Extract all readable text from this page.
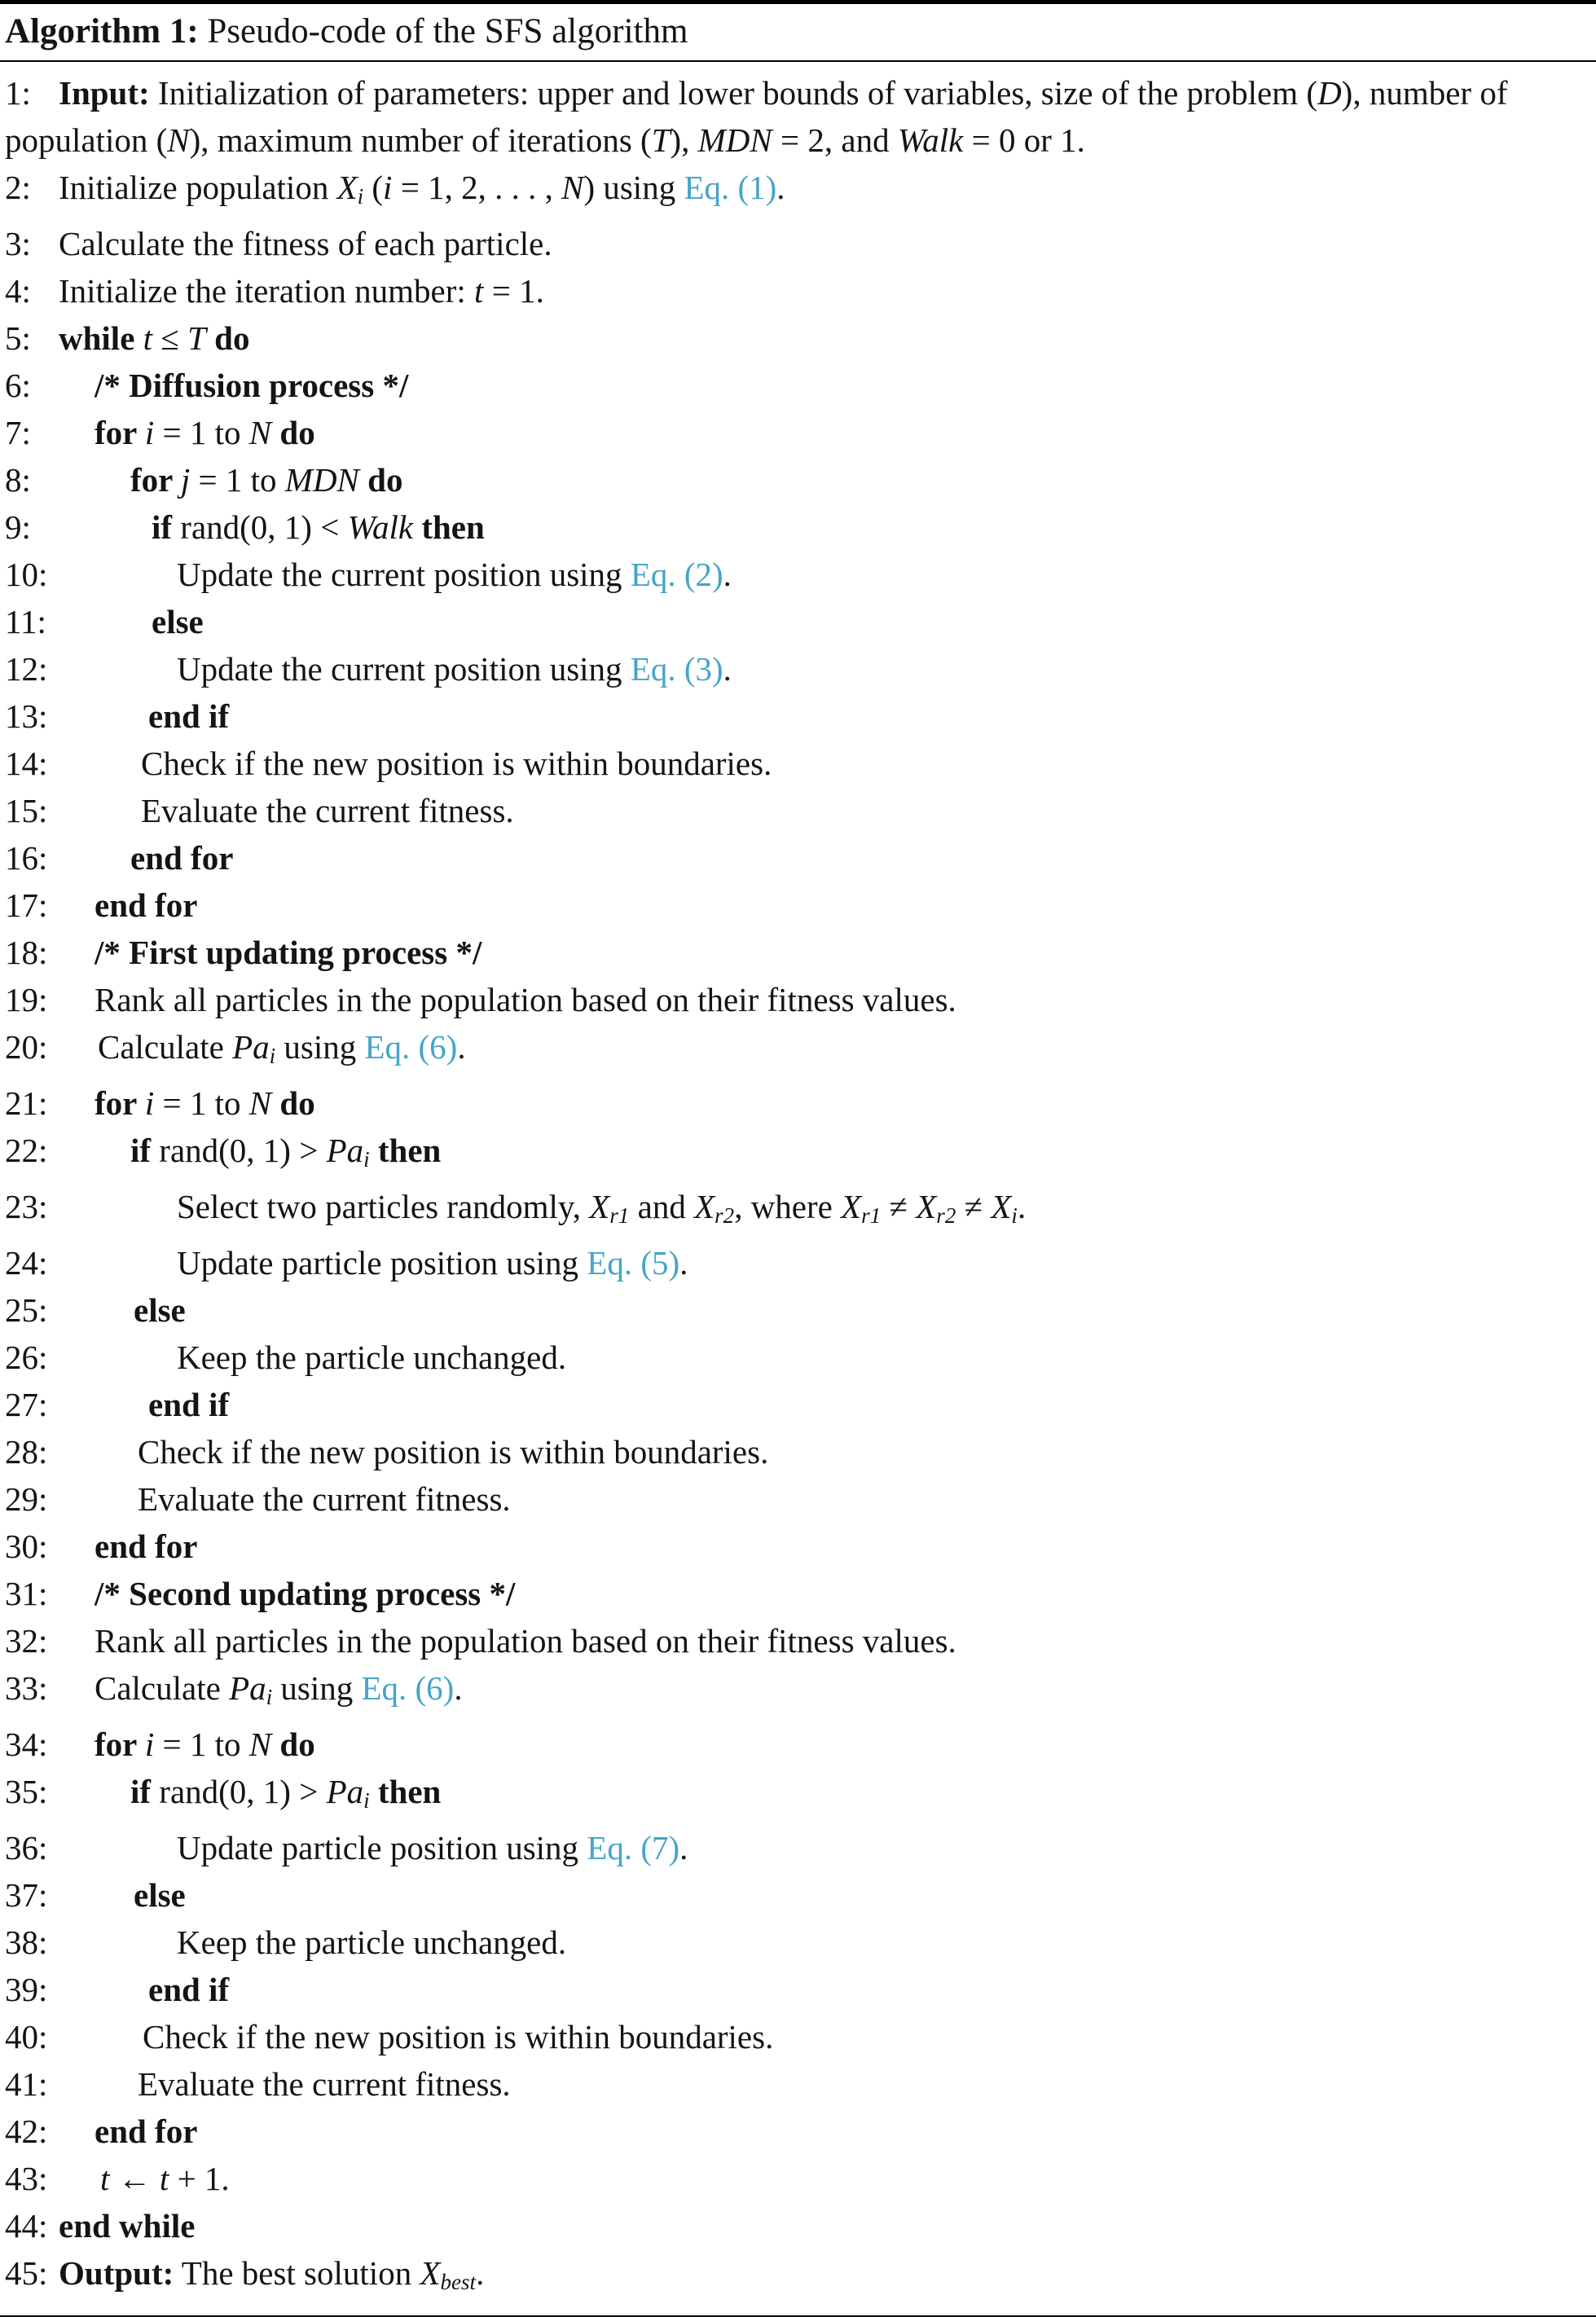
Algorithm 1: Pseudo-code of the SFS algorithm
1: Input: Initialization of parameters: upper and lower bounds of variables, size of the problem (D), number of population (N), maximum number of iterations (T), MDN = 2, and Walk = 0 or 1.
2: Initialize population $X_i$ (i = 1, 2, . . . , N) using Eq. (1).
3: Calculate the fitness of each particle.
4: Initialize the iteration number: t = 1.
5: while t ≤ T do
6: /* Diffusion process */
7: for i = 1 to N do
8:	for j = 1 to MDN do
9:	if rand(0, 1) < Walk then
10:	Update the current position using Eq. (2).
11:	else
12:	Update the current position using Eq. (3).
13:	end if
14:	Check if the new position is within boundaries.
15:	Evaluate the current fitness.
16: end for
17: end for
18: /* First updating process */
19: Rank all particles in the population based on their fitness values.
20: Calculate $Pa_i$ using Eq. (6).
21: for i = 1 to N do
22: if rand(0, $1) > Pa_i$ then
23:	Select two particles randomly, $X_{r1}$ and $X_{r2}$, where $X_{r1} \ne X_{r2} \ne X_i$.
24:	Update particle position using Eq. (5).
25:	else
26:	Keep the particle unchanged.
27:	end if
28:	Check if the new position is within boundaries.
29:	Evaluate the current fitness.
30: end for
31: /* Second updating process */
32: Rank all particles in the population based on their fitness values.
33: Calculate $Pa_i$ using Eq. (6).
34: for i = 1 to N do
35: if rand(0, $1) > Pa_i$ then
36:	Update particle position using Eq. (7).
37:	else
38:	Keep the particle unchanged.
39:	end if
40:	Check if the new position is within boundaries.
41:	Evaluate the current fitness.
42: end for
43: t ← t + 1.
44: end while
45: Output: The best solution $X_{best}$.
